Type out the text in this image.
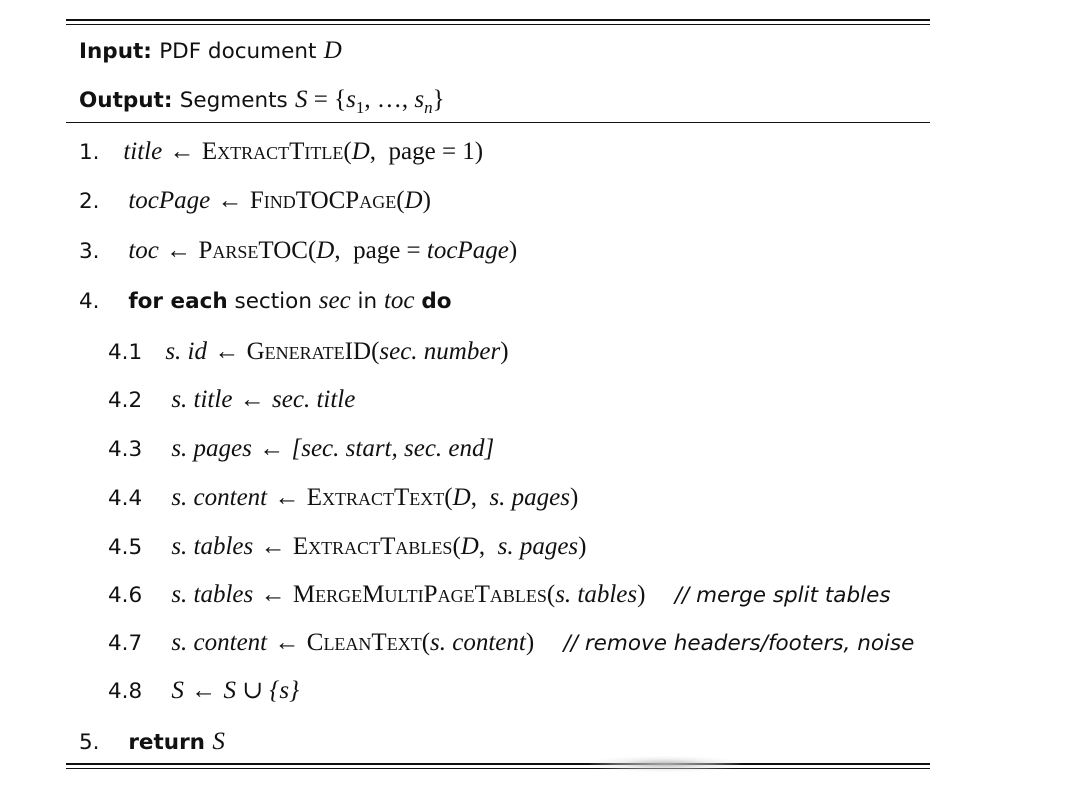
Input: PDF document D
Output: Segments $S = \{s_1$, …, $s_n$}
1. title ← ExtractTitle(D,  page = 1)
2. tocPage ← FindTOCPage(D)
3. toc ← ParseTOC(D,  page = tocPage)
4. for each section sec in toc do
4.1 s. id ← GenerateID(sec. number)
4.2 s. title ← sec. title
4.3 s. pages ← [sec. start, sec. end]
4.4 s. content ← ExtractText(D,  s. pages)
4.5 s. tables ← ExtractTables(D,  s. pages)
4.6 s. tables ← MergeMultiPageTables(s. tables) // merge split tables
4.7 s. content ← CleanText(s. content) // remove headers/footers, noise
4.8 S ← S ∪ {s}
5. return S
